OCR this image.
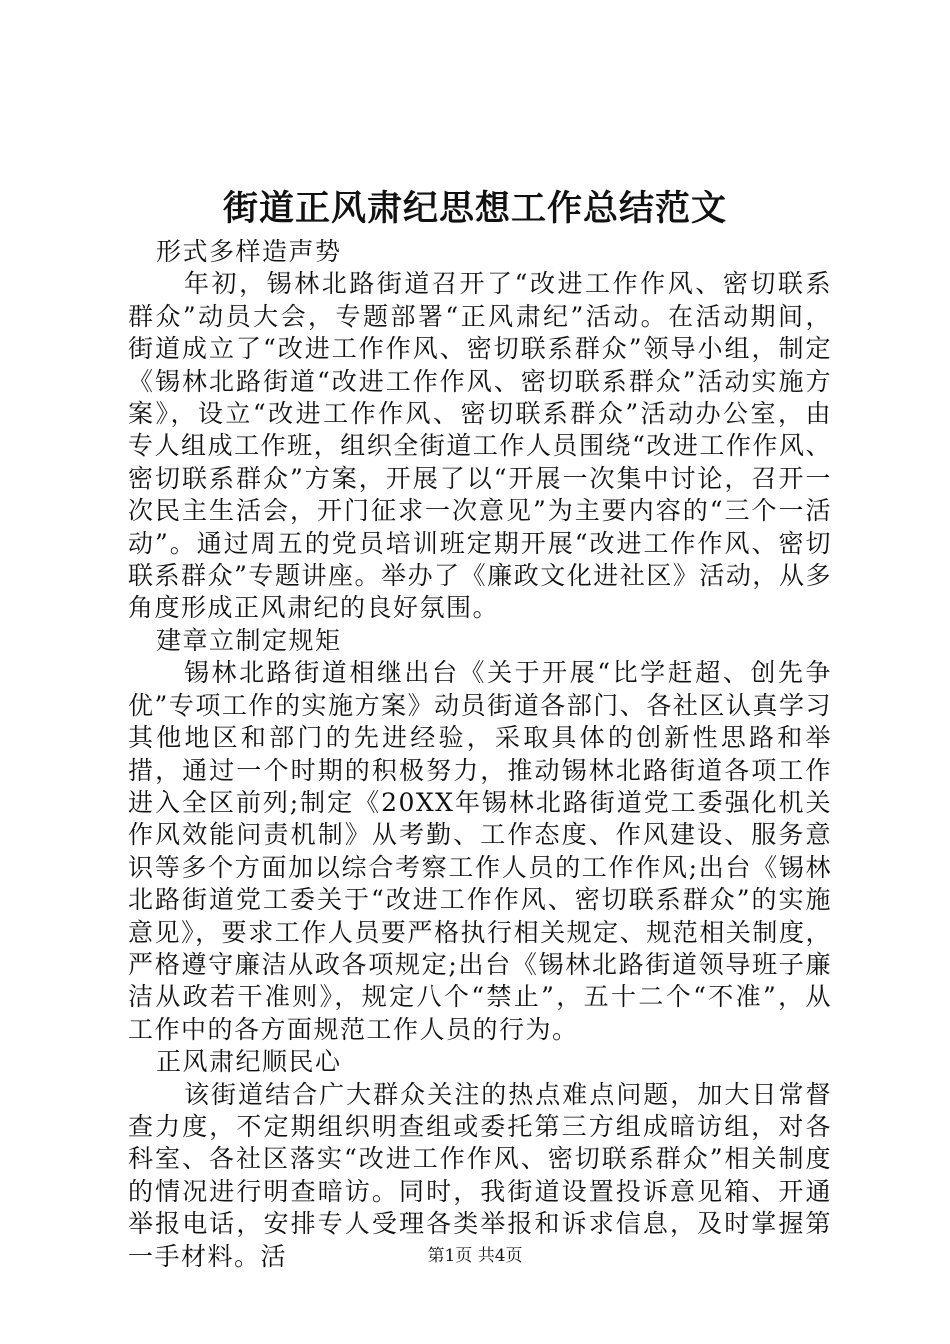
街道正风肃纪思想工作总结范文

形式多样造声势

年初，锡林北路街道召开了“改进工作作风、密切联系群众”动员大会，专题部署“正风肃纪”活动。在活动期间，街道成立了“改进工作作风、密切联系群众”领导小组，制定《锡林北路街道“改进工作作风、密切联系群众”活动实施方案》，设立“改进工作作风、密切联系群众”活动办公室，由专人组成工作班，组织全街道工作人员围绕“改进工作作风、密切联系群众”方案，开展了以“开展一次集中讨论，召开一次民主生活会，开门征求一次意见”为主要内容的“三个一活动”。通过周五的党员培训班定期开展“改进工作作风、密切联系群众”专题讲座。举办了《廉政文化进社区》活动，从多角度形成正风肃纪的良好氛围。

建章立制定规矩

锡林北路街道相继出台《关于开展“比学赶超、创先争优”专项工作的实施方案》动员街道各部门、各社区认真学习其他地区和部门的先进经验，采取具体的创新性思路和举措，通过一个时期的积极努力，推动锡林北路街道各项工作进入全区前列;制定《20XX年锡林北路街道党工委强化机关作风效能问责机制》从考勤、工作态度、作风建设、服务意识等多个方面加以综合考察工作人员的工作作风;出台《锡林北路街道党工委关于“改进工作作风、密切联系群众”的实施意见》，要求工作人员要严格执行相关规定、规范相关制度，严格遵守廉洁从政各项规定;出台《锡林北路街道领导班子廉洁从政若干准则》，规定八个“禁止”，五十二个“不准”，从工作中的各方面规范工作人员的行为。

正风肃纪顺民心

该街道结合广大群众关注的热点难点问题，加大日常督查力度，不定期组织明查组或委托第三方组成暗访组，对各科室、各社区落实“改进工作作风、密切联系群众”相关制度的情况进行明查暗访。同时，我街道设置投诉意见箱、开通举报电话，安排专人受理各类举报和诉求信息，及时掌握第一手材料。活	第1页 共4页
